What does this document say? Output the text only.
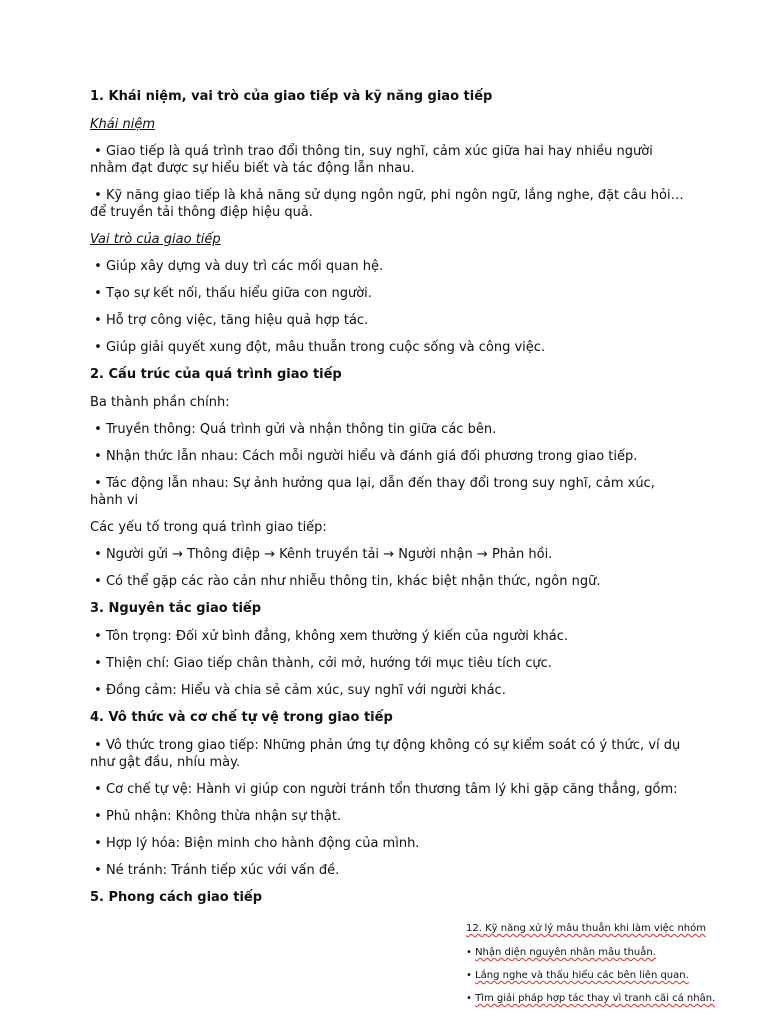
1. Khái niệm, vai trò của giao tiếp và kỹ năng giao tiếp

Khái niệm

• Giao tiếp là quá trình trao đổi thông tin, suy nghĩ, cảm xúc giữa hai hay nhiều người nhằm đạt được sự hiểu biết và tác động lẫn nhau.

• Kỹ năng giao tiếp là khả năng sử dụng ngôn ngữ, phi ngôn ngữ, lắng nghe, đặt câu hỏi… để truyền tải thông điệp hiệu quả.

Vai trò của giao tiếp

• Giúp xây dựng và duy trì các mối quan hệ.

• Tạo sự kết nối, thấu hiểu giữa con người.

• Hỗ trợ công việc, tăng hiệu quả hợp tác.

• Giúp giải quyết xung đột, mâu thuẫn trong cuộc sống và công việc.

2. Cấu trúc của quá trình giao tiếp

Ba thành phần chính:

• Truyền thông: Quá trình gửi và nhận thông tin giữa các bên.

• Nhận thức lẫn nhau: Cách mỗi người hiểu và đánh giá đối phương trong giao tiếp.

• Tác động lẫn nhau: Sự ảnh hưởng qua lại, dẫn đến thay đổi trong suy nghĩ, cảm xúc, hành vi

Các yếu tố trong quá trình giao tiếp:

• Người gửi → Thông điệp → Kênh truyền tải → Người nhận → Phản hồi.

• Có thể gặp các rào cản như nhiễu thông tin, khác biệt nhận thức, ngôn ngữ.

3. Nguyên tắc giao tiếp

• Tôn trọng: Đối xử bình đẳng, không xem thường ý kiến của người khác.

• Thiện chí: Giao tiếp chân thành, cởi mở, hướng tới mục tiêu tích cực.

• Đồng cảm: Hiểu và chia sẻ cảm xúc, suy nghĩ với người khác.

4. Vô thức và cơ chế tự vệ trong giao tiếp

• Vô thức trong giao tiếp: Những phản ứng tự động không có sự kiểm soát có ý thức, ví dụ như gật đầu, nhíu mày.

• Cơ chế tự vệ: Hành vi giúp con người tránh tổn thương tâm lý khi gặp căng thẳng, gồm:

• Phủ nhận: Không thừa nhận sự thật.

• Hợp lý hóa: Biện minh cho hành động của mình.

• Né tránh: Tránh tiếp xúc với vấn đề.

5. Phong cách giao tiếp

12. Kỹ năng xử lý mâu thuẫn khi làm việc nhóm

• Nhận diện nguyên nhân mâu thuẫn.

• Lắng nghe và thấu hiểu các bên liên quan.

• Tìm giải pháp hợp tác thay vì tranh cãi cá nhân.
